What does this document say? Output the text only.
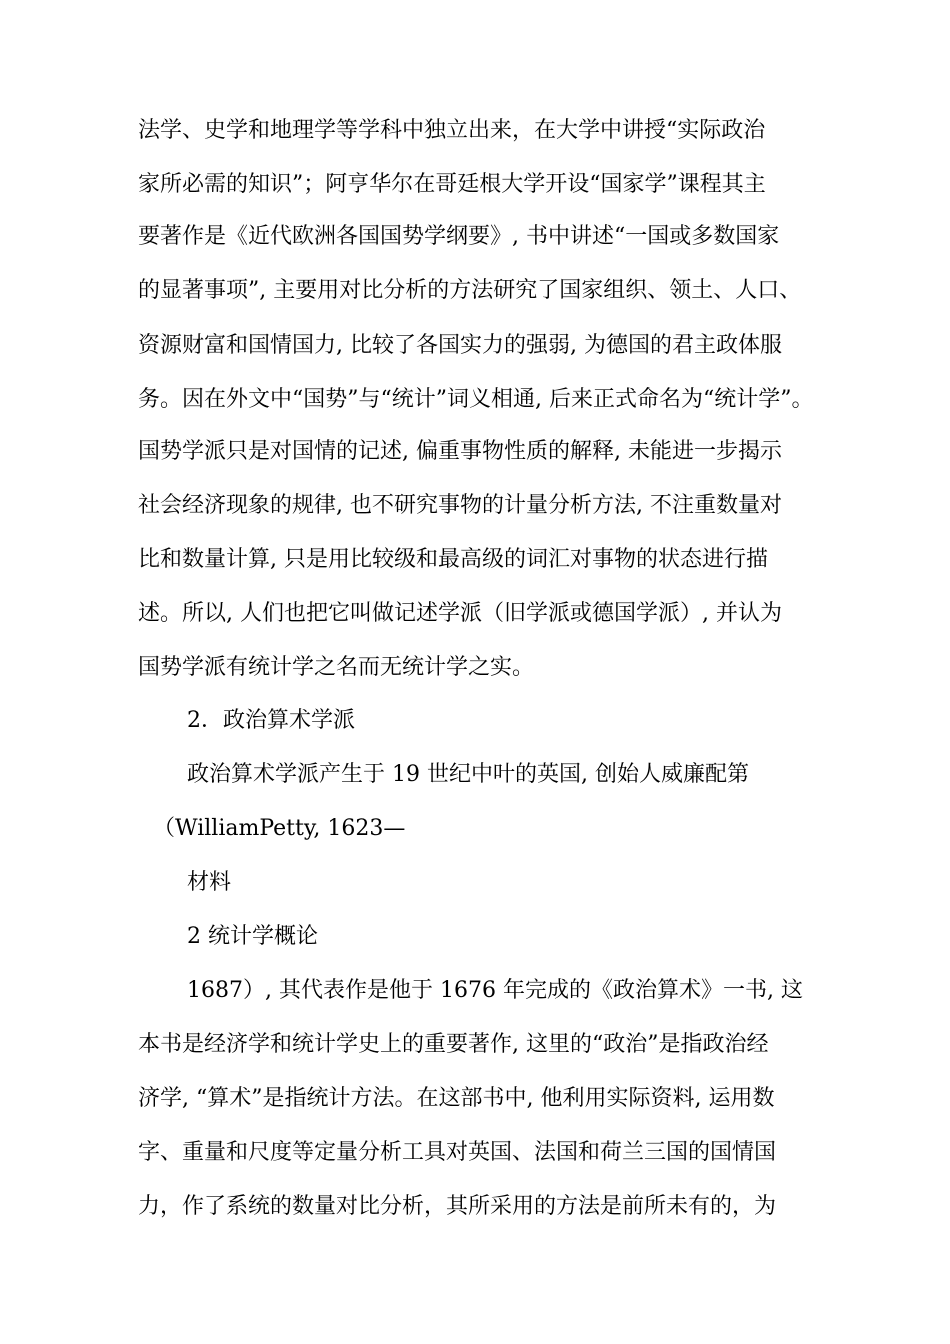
法学、史学和地理学等学科中独立出来，在大学中讲授“实际政治
家所必需的知识”；阿亨华尔在哥廷根大学开设“国家学”课程其主
要著作是《近代欧洲各国国势学纲要》, 书中讲述“一国或多数国家
的显著事项”, 主要用对比分析的方法研究了国家组织、领土、人口、
资源财富和国情国力, 比较了各国实力的强弱, 为德国的君主政体服
务。因在外文中“国势”与“统计”词义相通, 后来正式命名为“统计学”。
国势学派只是对国情的记述, 偏重事物性质的解释, 未能进一步揭示
社会经济现象的规律, 也不研究事物的计量分析方法, 不注重数量对
比和数量计算, 只是用比较级和最高级的词汇对事物的状态进行描
述。所以, 人们也把它叫做记述学派（旧学派或德国学派）, 并认为
国势学派有统计学之名而无统计学之实。
2．政治算术学派
政治算术学派产生于 19 世纪中叶的英国, 创始人威廉配第
（WilliamPetty, 1623—
材料
2 统计学概论
1687）, 其代表作是他于 1676 年完成的《政治算术》一书, 这
本书是经济学和统计学史上的重要著作, 这里的“政治”是指政治经
济学, “算术”是指统计方法。在这部书中, 他利用实际资料, 运用数
字、重量和尺度等定量分析工具对英国、法国和荷兰三国的国情国
力，作了系统的数量对比分析，其所采用的方法是前所未有的，为
